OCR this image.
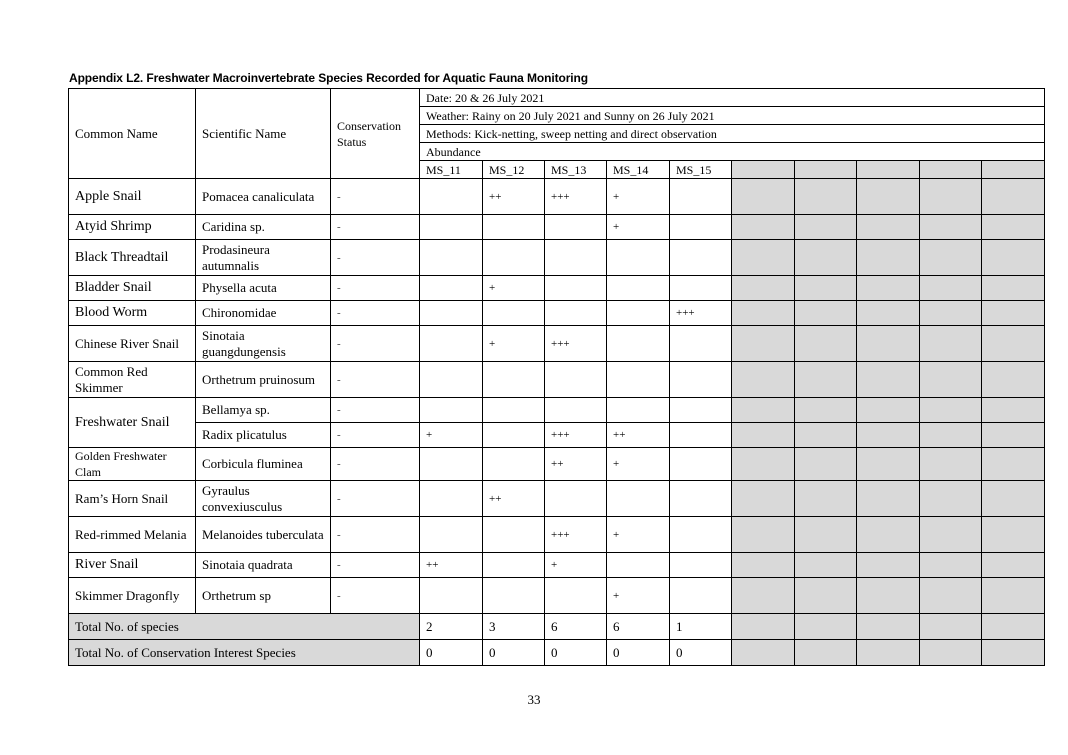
Appendix L2. Freshwater Macroinvertebrate Species Recorded for Aquatic Fauna Monitoring
Common Name	Scientific Name	Conservation Status	Date: 20 & 26 July 2021									
			Weather: Rainy on 20 July 2021 and Sunny on 26 July 2021									
			Methods: Kick-netting, sweep netting and direct observation									
			Abundance									
			MS_11	MS_12	MS_13	MS_14	MS_15					
Apple Snail	Pomacea canaliculata	-		++	+++	+						
Atyid Shrimp	Caridina sp.	-				+						
Black Threadtail	Prodasineura autumnalis	-										
Bladder Snail	Physella acuta	-		+								
Blood Worm	Chironomidae	-					+++					
Chinese River Snail	Sinotaia guangdungensis	-		+	+++							
Common Red Skimmer	Orthetrum pruinosum	-										
Freshwater Snail	Bellamya sp.	-										
	Radix plicatulus	-	+		+++	++						
Golden Freshwater Clam	Corbicula fluminea	-			++	+						
Ram’s Horn Snail	Gyraulus convexiusculus	-		++								
Red-rimmed Melania	Melanoides tuberculata	-			+++	+						
River Snail	Sinotaia quadrata	-	++		+							
Skimmer Dragonfly	Orthetrum sp	-				+						
Total No. of species			2	3	6	6	1					
Total No. of Conservation Interest Species			0	0	0	0	0					
33
